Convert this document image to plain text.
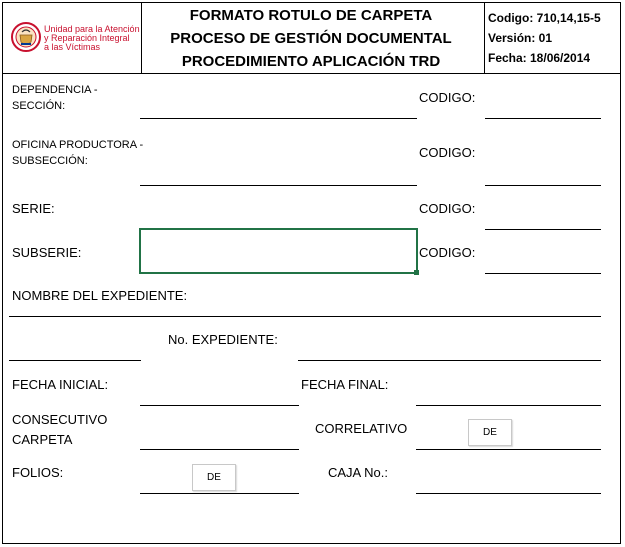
Unidad para la Atención
y Reparación Integral
a las Víctimas
FORMATO ROTULO DE CARPETA
PROCESO DE GESTIÓN DOCUMENTAL
PROCEDIMIENTO APLICACIÓN TRD
Codigo: 710,14,15-5
Versión: 01
Fecha: 18/06/2014
DEPENDENCIA -
SECCIÓN:
CODIGO:
OFICINA PRODUCTORA -
SUBSECCIÓN:
CODIGO:
SERIE:	CODIGO:
SUBSERIE:	CODIGO:
NOMBRE DEL EXPEDIENTE:
No. EXPEDIENTE:
FECHA INICIAL:	FECHA FINAL:
CONSECUTIVO
CARPETA
CORRELATIVO	DE
FOLIOS:	DE	CAJA No.:
